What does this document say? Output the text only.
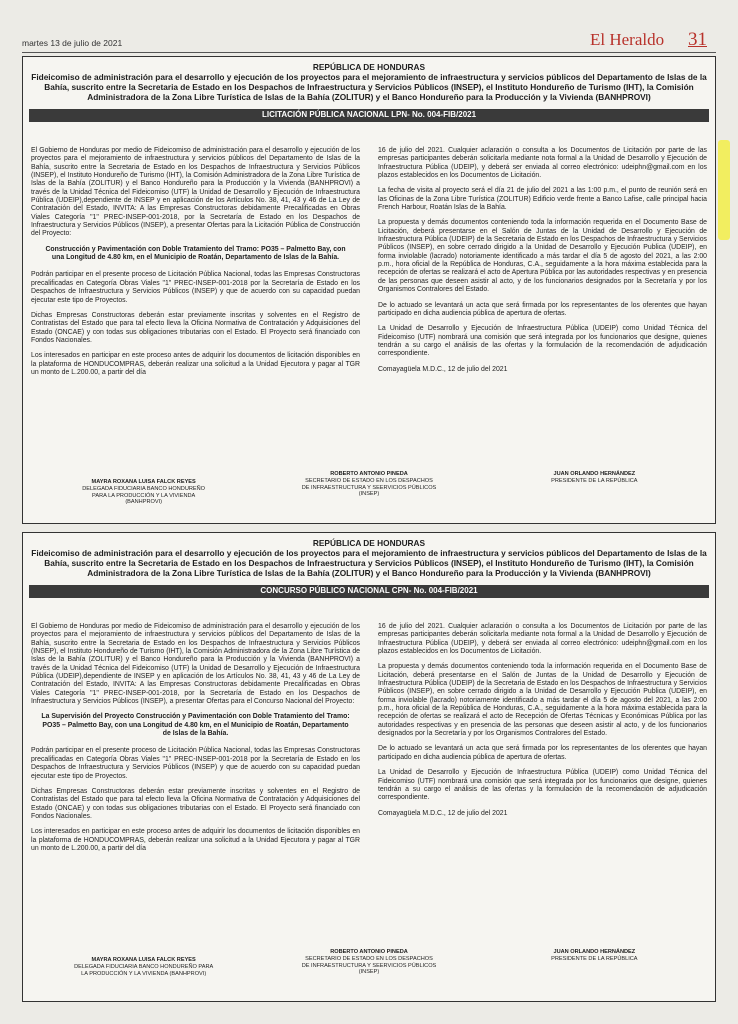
martes 13 de julio de 2021	El Heraldo 31
REPÚBLICA DE HONDURAS
Fideicomiso de administración para el desarrollo y ejecución de los proyectos para el mejoramiento de infraestructura y servicios públicos del Departamento de Islas de la Bahía, suscrito entre la Secretaria de Estado en los Despachos de Infraestructura y Servicios Públicos (INSEP), el Instituto Hondureño de Turismo (IHT), la Comisión Administradora de la Zona Libre Turística de Islas de la Bahía (ZOLITUR) y el Banco Hondureño para la Producción y la Vivienda (BANHPROVI)
LICITACIÓN PÚBLICA NACIONAL LPN- No. 004-FIB/2021

El Gobierno de Honduras por medio de Fideicomiso de administración para el desarrollo y ejecución de los proyectos para el mejoramiento de infraestructura y servicios públicos del Departamento de Islas de la Bahía, suscrito entre la Secretaria de Estado en los Despachos de Infraestructura y Servicios Públicos (INSEP), el Instituto Hondureño de Turismo (IHT), la Comisión Administradora de la Zona Libre Turística de Islas de la Bahía (ZOLITUR) y el Banco Hondureño para la Producción y la Vivienda (BANHPROVI) a través de la Unidad Técnica del Fideicomiso (UTF) la Unidad de Desarrollo y Ejecución de Infraestructura Pública (UDEIP),dependiente de INSEP y en aplicación de los Artículos No. 38, 41, 43 y 46 de La Ley de Contratación del Estado, INVITA: A las Empresas Constructoras debidamente Precalificadas en Obras Viales Categoría "1" PREC-INSEP-001-2018, por la Secretaría de Estado en los Despachos de Infraestructura y Servicios Públicos (INSEP), a presentar Ofertas para la Licitación Pública de Construcción del Proyecto:

Construcción y Pavimentación con Doble Tratamiento del Tramo: PO35 – Palmetto Bay, con una Longitud de 4.80 km, en el Municipio de Roatán, Departamento de Islas de la Bahía.

Podrán participar en el presente proceso de Licitación Pública Nacional, todas las Empresas Constructoras precalificadas en Categoría Obras Viales "1" PREC-INSEP-001-2018 por la Secretaría de Estado en los Despachos de Infraestructura y Servicios Públicos (INSEP) y que de acuerdo con su capacidad puedan ejecutar este tipo de Proyectos.

Dichas Empresas Constructoras deberán estar previamente inscritas y solventes en el Registro de Contratistas del Estado que para tal efecto lleva la Oficina Normativa de Contratación y Adquisiciones del Estado (ONCAE) y con todas sus obligaciones tributarias con el Estado. El Proyecto será financiado con Fondos Nacionales.

Los interesados en participar en este proceso antes de adquirir los documentos de licitación disponibles en la plataforma de HONDUCOMPRAS, deberán realizar una solicitud a la Unidad Ejecutora y pagar al TGR un monto de L.200.00, a partir del día

16 de julio del 2021. Cualquier aclaración o consulta a los Documentos de Licitación por parte de las empresas participantes deberán solicitarla mediante nota formal a la Unidad de Desarrollo y Ejecución de Infraestructura Pública (UDEIP), y deberá ser enviada al correo electrónico: udeiphn@gmail.com en los plazos establecidos en los Documentos de Licitación.

La fecha de visita al proyecto será el día 21 de julio del 2021 a las 1:00 p.m., el punto de reunión será en las Oficinas de la Zona Libre Turística (ZOLITUR) Edificio verde frente a Banco Lafise, calle principal hacia French Harbour, Roatán Islas de la Bahía.

La propuesta y demás documentos conteniendo toda la información requerida en el Documento Base de Licitación, deberá presentarse en el Salón de Juntas de la Unidad de Desarrollo y Ejecución de Infraestructura Pública (UDEIP) de la Secretaria de Estado en los Despachos de Infraestructura y Servicios Públicos (INSEP), en sobre cerrado dirigido a la Unidad de Desarrollo y Ejecución Publica (UDEIP), en forma inviolable (lacrado) notoriamente identificado a más tardar el día 5 de agosto del 2021, a las 2:00 p.m., hora oficial de la República de Honduras, C.A., seguidamente a la hora máxima establecida para la recepción de ofertas se realizará el acto de Apertura Pública por las autoridades respectivas y en presencia de las personas que deseen asistir al acto, y de los funcionarios designados por la Secretaría y por los Organismos Contralores del Estado.

De lo actuado se levantará un acta que será firmada por los representantes de los oferentes que hayan participado en dicha audiencia pública de apertura de ofertas.

La Unidad de Desarrollo y Ejecución de Infraestructura Pública (UDEIP) como Unidad Técnica del Fideicomiso (UTF) nombrará una comisión que será integrada por los funcionarios que designe, quienes tendrán a su cargo el análisis de las ofertas y la formulación de la recomendación de adjudicación correspondiente.

Comayagüela M.D.C., 12 de julio del 2021

MAYRA ROXANA LUISA FALCK REYES
DELEGADA FIDUCIARIA BANCO HONDUREÑO
PARA LA PRODUCCIÓN Y LA VIVIENDA
(BANHPROVI)
ROBERTO ANTONIO PINEDA
SECRETARIO DE ESTADO EN LOS DESPACHOS
DE INFRAESTRUCTURA Y SEERVICIOS PÚBLICOS
(INSEP)
JUAN ORLANDO HERNÁNDEZ
PRESIDENTE DE LA REPÚBLICA
REPÚBLICA DE HONDURAS
Fideicomiso de administración para el desarrollo y ejecución de los proyectos para el mejoramiento de infraestructura y servicios públicos del Departamento de Islas de la Bahía, suscrito entre la Secretaria de Estado en los Despachos de Infraestructura y Servicios Públicos (INSEP), el Instituto Hondureño de Turismo (IHT), la Comisión Administradora de la Zona Libre Turística de Islas de la Bahía (ZOLITUR) y el Banco Hondureño para la Producción y la Vivienda (BANHPROVI)
CONCURSO PÚBLICO NACIONAL CPN- No. 004-FIB/2021

El Gobierno de Honduras por medio de Fideicomiso de administración para el desarrollo y ejecución de los proyectos para el mejoramiento de infraestructura y servicios públicos del Departamento de Islas de la Bahía, suscrito entre la Secretaria de Estado en los Despachos de Infraestructura y Servicios Públicos (INSEP), el Instituto Hondureño de Turismo (IHT), la Comisión Administradora de la Zona Libre Turística de Islas de la Bahía (ZOLITUR) y el Banco Hondureño para la Producción y la Vivienda (BANHPROVI) a través de la Unidad Técnica del Fideicomiso (UTF) la Unidad de Desarrollo y Ejecución de Infraestructura Pública (UDEIP),dependiente de INSEP y en aplicación de los Artículos No. 38, 41, 43 y 46 de La Ley de Contratación del Estado, INVITA: A las Empresas Constructoras debidamente Precalificadas en Obras Viales Categoría "1" PREC-INSEP-001-2018, por la Secretaría de Estado en los Despachos de Infraestructura y Servicios Públicos (INSEP), a presentar Ofertas para el Concurso Nacional del Proyecto:

La Supervisión del Proyecto Construcción y Pavimentación con Doble Tratamiento del Tramo: PO35 – Palmetto Bay, con una Longitud de 4.80 km, en el Municipio de Roatán, Departamento de Islas de la Bahía.

Podrán participar en el presente proceso de Licitación Pública Nacional, todas las Empresas Constructoras precalificadas en Categoría Obras Viales "1" PREC-INSEP-001-2018 por la Secretaría de Estado en los Despachos de Infraestructura y Servicios Públicos (INSEP) y que de acuerdo con su capacidad puedan ejecutar este tipo de Proyectos.

Dichas Empresas Constructoras deberán estar previamente inscritas y solventes en el Registro de Contratistas del Estado que para tal efecto lleva la Oficina Normativa de Contratación y Adquisiciones del Estado (ONCAE) y con todas sus obligaciones tributarias con el Estado. El Proyecto será financiado con Fondos Nacionales.

Los interesados en participar en este proceso antes de adquirir los documentos de licitación disponibles en la plataforma de HONDUCOMPRAS, deberán realizar una solicitud a la Unidad Ejecutora y pagar al TGR un monto de L.200.00, a partir del día

16 de julio del 2021. Cualquier aclaración o consulta a los Documentos de Licitación por parte de las empresas participantes deberán solicitarla mediante nota formal a la Unidad de Desarrollo y Ejecución de Infraestructura Pública (UDEIP), y deberá ser enviada al correo electrónico: udeiphn@gmail.com en los plazos establecidos en los Documentos de Licitación.

La propuesta y demás documentos conteniendo toda la información requerida en el Documento Base de Licitación, deberá presentarse en el Salón de Juntas de la Unidad de Desarrollo y Ejecución de Infraestructura Pública (UDEIP) de la Secretaria de Estado en los Despachos de Infraestructura y Servicios Públicos (INSEP), en sobre cerrado dirigido a la Unidad de Desarrollo y Ejecución Publica (UDEIP), en forma inviolable (lacrado) notoriamente identificado a más tardar el día 5 de agosto del 2021, a las 2:00 p.m., hora oficial de la República de Honduras, C.A., seguidamente a la hora máxima establecida para la recepción de ofertas se realizará el acto de Recepción de Ofertas Técnicas y Económicas Pública por las autoridades respectivas y en presencia de las personas que deseen asistir al acto, y de los funcionarios designados por la Secretaría y por los Organismos Contralores del Estado.

De lo actuado se levantará un acta que será firmada por los representantes de los oferentes que hayan participado en dicha audiencia pública de apertura de ofertas.

La Unidad de Desarrollo y Ejecución de Infraestructura Pública (UDEIP) como Unidad Técnica del Fideicomiso (UTF) nombrará una comisión que será integrada por los funcionarios que designe, quienes tendrán a su cargo el análisis de las ofertas y la formulación de la recomendación de adjudicación correspondiente.

Comayagüela M.D.C., 12 de julio del 2021

MAYRA ROXANA LUISA FALCK REYES
DELEGADA FIDUCIARIA BANCO HONDUREÑO PARA
LA PRODUCCIÓN Y LA VIVIENDA (BANHPROVI)
ROBERTO ANTONIO PINEDA
SECRETARIO DE ESTADO EN LOS DESPACHOS
DE INFRAESTRUCTURA Y SEERVICIOS PÚBLICOS
(INSEP)
JUAN ORLANDO HERNÁNDEZ
PRESIDENTE DE LA REPÚBLICA
